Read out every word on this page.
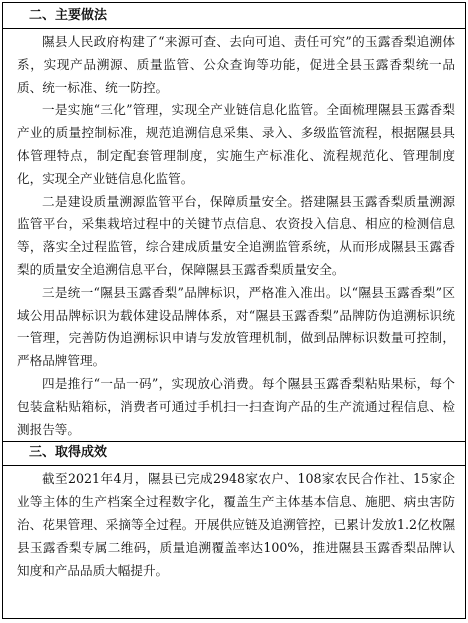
二、主要做法

隰县人民政府构建了“来源可查、去向可追、责任可究”的玉露香梨追溯体系，实现产品溯源、质量监管、公众查询等功能，促进全县玉露香梨统一品质、统一标准、统一防控。

一是实施“三化”管理，实现全产业链信息化监管。全面梳理隰县玉露香梨产业的质量控制标准，规范追溯信息采集、录入、多级监管流程，根据隰县具体管理特点，制定配套管理制度，实施生产标准化、流程规范化、管理制度化，实现全产业链信息化监管。

二是建设质量溯源监管平台，保障质量安全。搭建隰县玉露香梨质量溯源监管平台，采集栽培过程中的关键节点信息、农资投入信息、相应的检测信息等，落实全过程监管，综合建成质量安全追溯监管系统，从而形成隰县玉露香梨的质量安全追溯信息平台，保障隰县玉露香梨质量安全。

三是统一“隰县玉露香梨”品牌标识，严格准入准出。以“隰县玉露香梨”区域公用品牌标识为载体建设品牌体系，对“隰县玉露香梨”品牌防伪追溯标识统一管理，完善防伪追溯标识申请与发放管理机制，做到品牌标识数量可控制，严格品牌管理。

四是推行“一品一码”，实现放心消费。每个隰县玉露香梨粘贴果标，每个包装盒粘贴箱标，消费者可通过手机扫一扫查询产品的生产流通过程信息、检测报告等。

三、取得成效

截至2021年4月，隰县已完成2948家农户、108家农民合作社、15家企业等主体的生产档案全过程数字化，覆盖生产主体基本信息、施肥、病虫害防治、花果管理、采摘等全过程。开展供应链及追溯管控，已累计发放1.2亿枚隰县玉露香梨专属二维码，质量追溯覆盖率达100%，推进隰县玉露香梨品牌认知度和产品品质大幅提升。
